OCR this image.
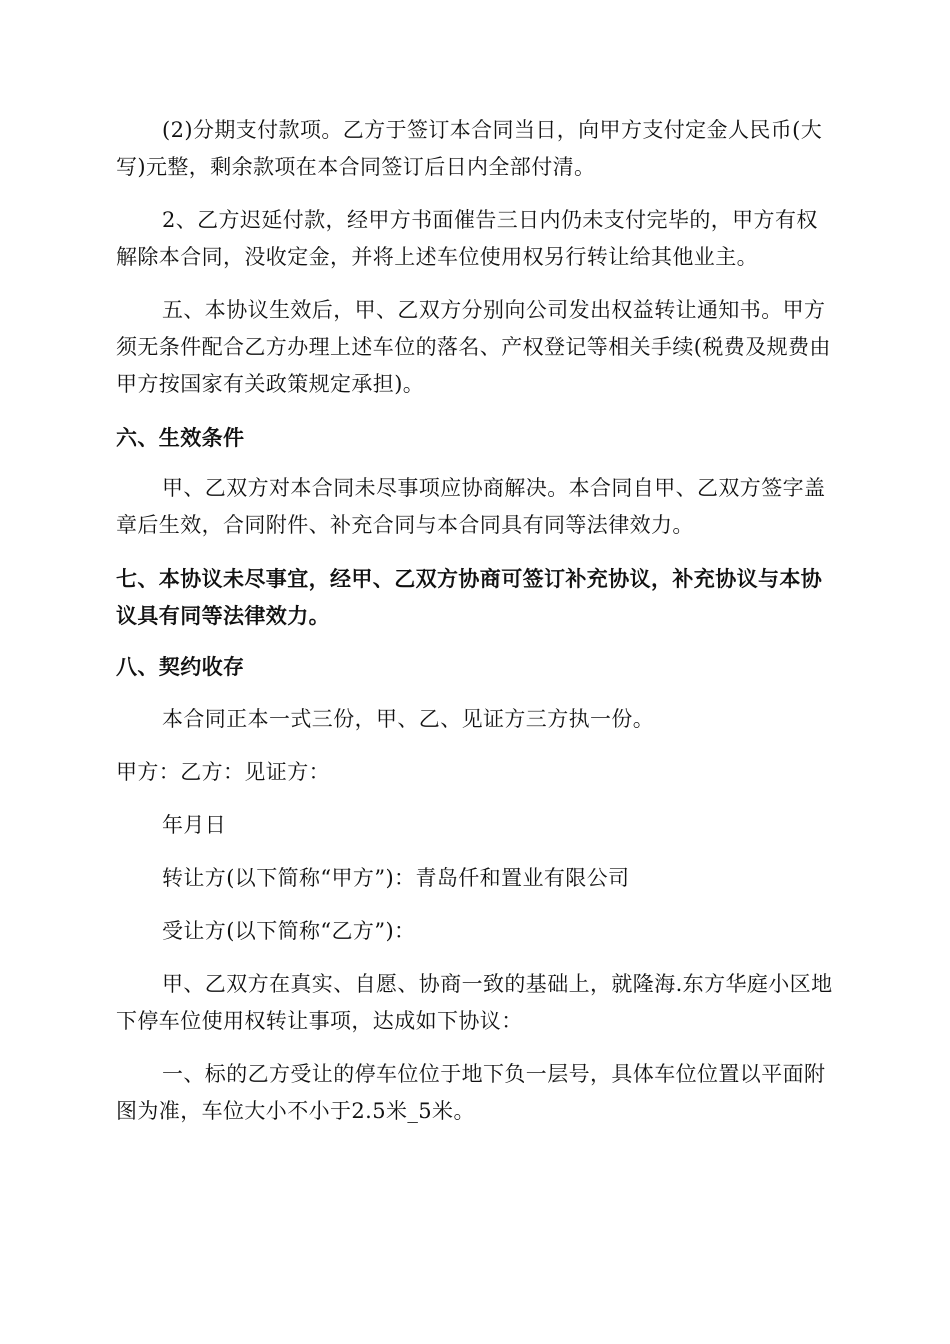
(2)分期支付款项。乙方于签订本合同当日，向甲方支付定金人民币(大写)元整，剩余款项在本合同签订后日内全部付清。

2、乙方迟延付款，经甲方书面催告三日内仍未支付完毕的，甲方有权解除本合同，没收定金，并将上述车位使用权另行转让给其他业主。

五、本协议生效后，甲、乙双方分别向公司发出权益转让通知书。甲方须无条件配合乙方办理上述车位的落名、产权登记等相关手续(税费及规费由甲方按国家有关政策规定承担)。

六、生效条件

甲、乙双方对本合同未尽事项应协商解决。本合同自甲、乙双方签字盖章后生效，合同附件、补充合同与本合同具有同等法律效力。

七、本协议未尽事宜，经甲、乙双方协商可签订补充协议，补充协议与本协议具有同等法律效力。

八、契约收存

本合同正本一式三份，甲、乙、见证方三方执一份。

甲方：乙方：见证方：

年月日

转让方(以下简称“甲方”)：青岛仟和置业有限公司

受让方(以下简称“乙方”)：

甲、乙双方在真实、自愿、协商一致的基础上，就隆海.东方华庭小区地下停车位使用权转让事项，达成如下协议：

一、标的乙方受让的停车位位于地下负一层号，具体车位位置以平面附图为准，车位大小不小于2.5米_5米。
